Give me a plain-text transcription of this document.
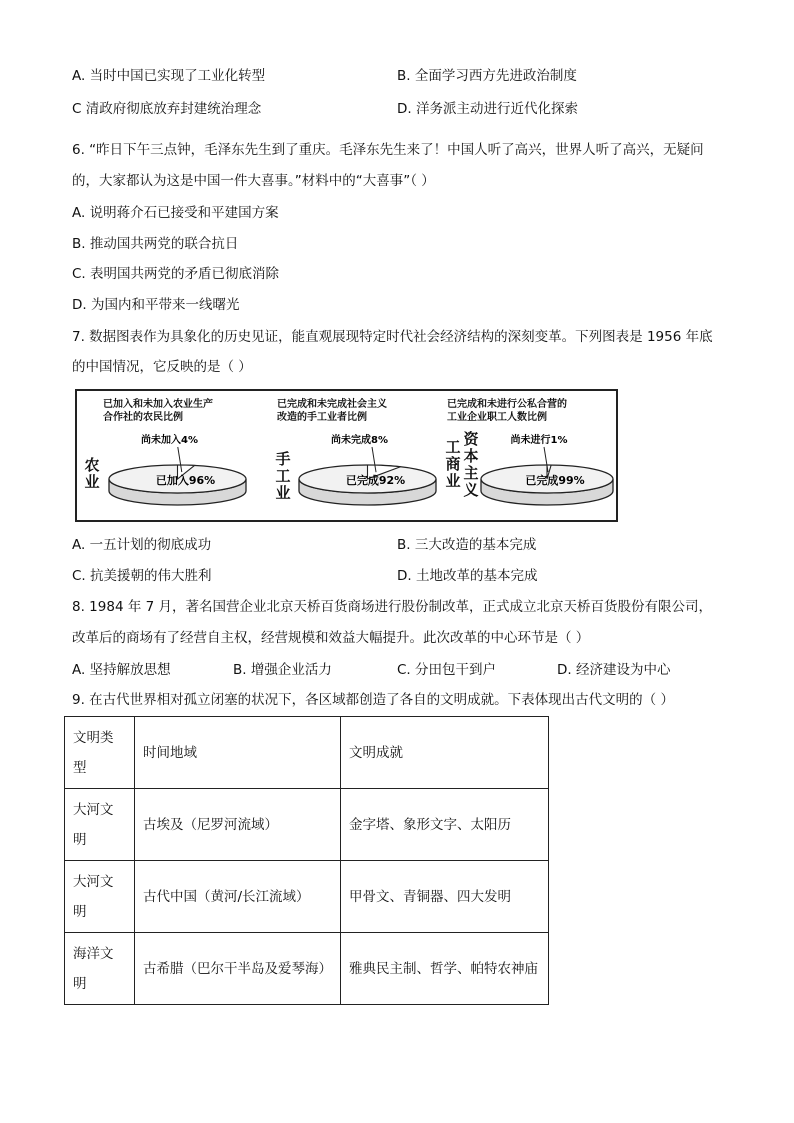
A. 当时中国已实现了工业化转型	B. 全面学习西方先进政治制度
C 清政府彻底放弃封建统治理念	D. 洋务派主动进行近代化探索
6. “昨日下午三点钟，毛泽东先生到了重庆。毛泽东先生来了！中国人听了高兴，世界人听了高兴，无疑问
的，大家都认为这是中国一件大喜事。”材料中的“大喜事”（ ）
A. 说明蒋介石已接受和平建国方案
B. 推动国共两党的联合抗日
C. 表明国共两党的矛盾已彻底消除
D. 为国内和平带来一线曙光
7. 数据图表作为具象化的历史见证，能直观展现特定时代社会经济结构的深刻变革。下列图表是 1956 年底
的中国情况，它反映的是（ ）
已加入和未加入农业生产
合作社的农民比例
农业
尚未加入4%
已加入96%
已完成和未完成社会主义
改造的手工业者比例
手工业
尚未完成8%
已完成92%
已完成和未进行公私合营的
工业企业职工人数比例
工商业
资本主义
尚未进行1%
已完成99%
A. 一五计划的彻底成功	B. 三大改造的基本完成
C. 抗美援朝的伟大胜利	D. 土地改革的基本完成
8. 1984 年 7 月，著名国营企业北京天桥百货商场进行股份制改革，正式成立北京天桥百货股份有限公司，
改革后的商场有了经营自主权，经营规模和效益大幅提升。此次改革的中心环节是（ ）
A. 坚持解放思想	B. 增强企业活力	C. 分田包干到户	D. 经济建设为中心
9. 在古代世界相对孤立闭塞的状况下，各区域都创造了各自的文明成就。下表体现出古代文明的（ ）
文明类型	时间地域	文明成就
大河文明	古埃及（尼罗河流域）	金字塔、象形文字、太阳历
大河文明	古代中国（黄河/长江流域）	甲骨文、青铜器、四大发明
海洋文明	古希腊（巴尔干半岛及爱琴海）	雅典民主制、哲学、帕特农神庙
